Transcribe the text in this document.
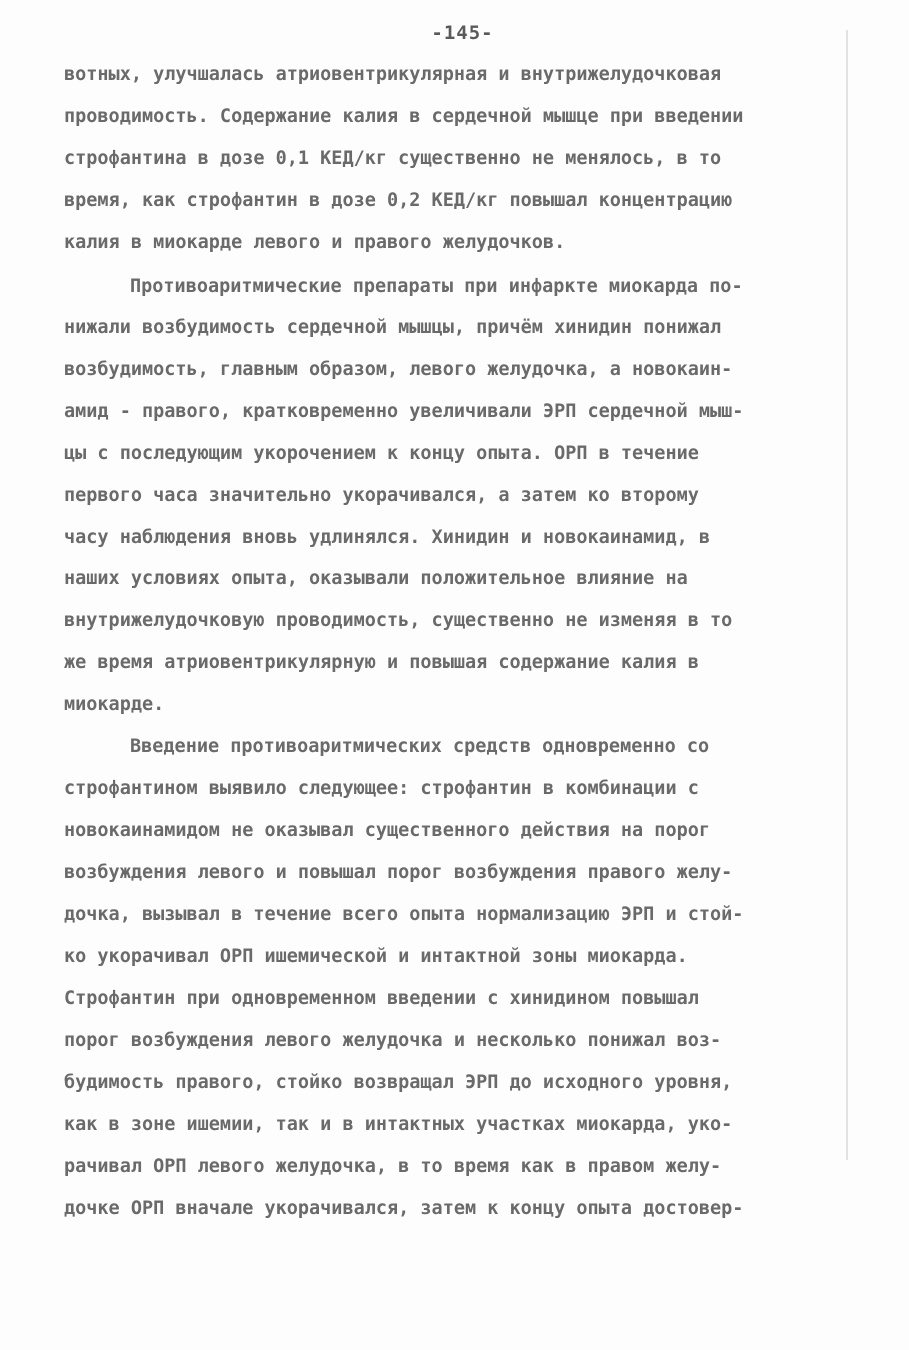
-145-
вотных, улучшалась атриовентрикулярная и внутрижелудочковая
проводимость. Содержание калия в сердечной мышце при введении
строфантина в дозе 0,1 КЕД/кг существенно не менялось, в то
время, как строфантин в дозе 0,2 КЕД/кг повышал концентрацию
калия в миокарде левого и правого желудочков.
Противоаритмические препараты при инфаркте миокарда по-
нижали возбудимость сердечной мышцы, причём хинидин понижал
возбудимость, главным образом, левого желудочка, а новокаин-
амид - правого, кратковременно увеличивали ЭРП сердечной мыш-
цы с последующим укорочением к концу опыта. ОРП в течение
первого часа значительно укорачивался, а затем ко второму
часу наблюдения вновь удлинялся. Хинидин и новокаинамид, в
наших условиях опыта, оказывали положительное влияние на
внутрижелудочковую проводимость, существенно не изменяя в то
же время атриовентрикулярную и повышая содержание калия в
миокарде.
Введение противоаритмических средств одновременно со
строфантином выявило следующее: строфантин в комбинации с
новокаинамидом не оказывал существенного действия на порог
возбуждения левого и повышал порог возбуждения правого желу-
дочка, вызывал в течение всего опыта нормализацию ЭРП и стой-
ко укорачивал ОРП ишемической и интактной зоны миокарда.
Строфантин при одновременном введении с хинидином повышал
порог возбуждения левого желудочка и несколько понижал воз-
будимость правого, стойко возвращал ЭРП до исходного уровня,
как в зоне ишемии, так и в интактных участках миокарда, уко-
рачивал ОРП левого желудочка, в то время как в правом желу-
дочке ОРП вначале укорачивался, затем к концу опыта достовер-
